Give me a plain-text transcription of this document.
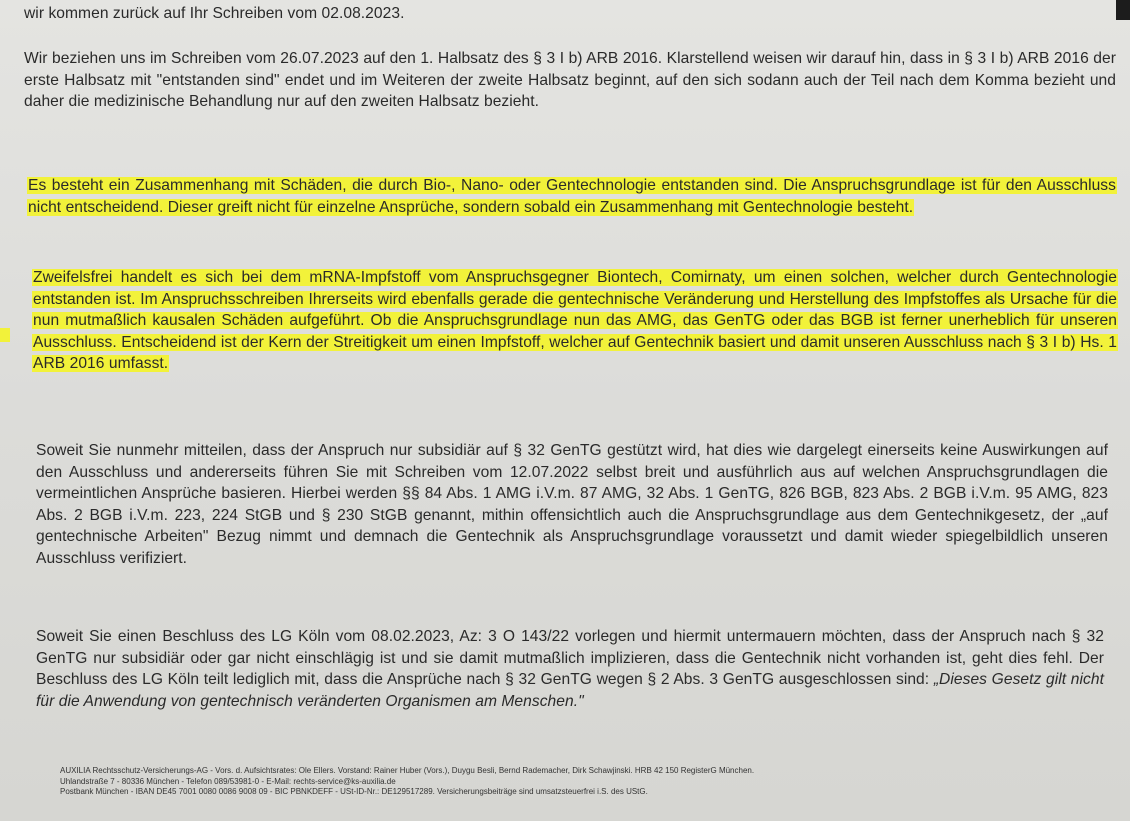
wir kommen zurück auf Ihr Schreiben vom 02.08.2023.
Wir beziehen uns im Schreiben vom 26.07.2023 auf den 1. Halbsatz des § 3 I b) ARB 2016. Klarstellend weisen wir darauf hin, dass in § 3 I b) ARB 2016 der erste Halbsatz mit "entstanden sind" endet und im Weiteren der zweite Halbsatz beginnt, auf den sich sodann auch der Teil nach dem Komma bezieht und daher die medizinische Behandlung nur auf den zweiten Halbsatz bezieht.
Es besteht ein Zusammenhang mit Schäden, die durch Bio-, Nano- oder Gentechnologie entstanden sind. Die Anspruchsgrundlage ist für den Ausschluss nicht entscheidend. Dieser greift nicht für einzelne Ansprüche, sondern sobald ein Zusammenhang mit Gentechnologie besteht.
Zweifelsfrei handelt es sich bei dem mRNA-Impfstoff vom Anspruchsgegner Biontech, Comirnaty, um einen solchen, welcher durch Gentechnologie entstanden ist. Im Anspruchsschreiben Ihrerseits wird ebenfalls gerade die gentechnische Veränderung und Herstellung des Impfstoffes als Ursache für die nun mutmaßlich kausalen Schäden aufgeführt. Ob die Anspruchsgrundlage nun das AMG, das GenTG oder das BGB ist ferner unerheblich für unseren Ausschluss. Entscheidend ist der Kern der Streitigkeit um einen Impfstoff, welcher auf Gentechnik basiert und damit unseren Ausschluss nach § 3 I b) Hs. 1 ARB 2016 umfasst.
Soweit Sie nunmehr mitteilen, dass der Anspruch nur subsidiär auf § 32 GenTG gestützt wird, hat dies wie dargelegt einerseits keine Auswirkungen auf den Ausschluss und andererseits führen Sie mit Schreiben vom 12.07.2022 selbst breit und ausführlich aus auf welchen Anspruchsgrundlagen die vermeintlichen Ansprüche basieren. Hierbei werden §§ 84 Abs. 1 AMG i.V.m. 87 AMG, 32 Abs. 1 GenTG, 826 BGB, 823 Abs. 2 BGB i.V.m. 95 AMG, 823 Abs. 2 BGB i.V.m. 223, 224 StGB und § 230 StGB genannt, mithin offensichtlich auch die Anspruchsgrundlage aus dem Gentechnikgesetz, der „auf gentechnische Arbeiten" Bezug nimmt und demnach die Gentechnik als Anspruchsgrundlage voraussetzt und damit wieder spiegelbildlich unseren Ausschluss verifiziert.
Soweit Sie einen Beschluss des LG Köln vom 08.02.2023, Az: 3 O 143/22 vorlegen und hiermit untermauern möchten, dass der Anspruch nach § 32 GenTG nur subsidiär oder gar nicht einschlägig ist und sie damit mutmaßlich implizieren, dass die Gentechnik nicht vorhanden ist, geht dies fehl. Der Beschluss des LG Köln teilt lediglich mit, dass die Ansprüche nach § 32 GenTG wegen § 2 Abs. 3 GenTG ausgeschlossen sind: „Dieses Gesetz gilt nicht für die Anwendung von gentechnisch veränderten Organismen am Menschen."
AUXILIA Rechtsschutz-Versicherungs-AG - Vors. d. Aufsichtsrates: Ole Ellers. Vorstand: Rainer Huber (Vors.), Duygu Besli, Bernd Rademacher, Dirk Schawjinski. HRB 42 150 RegisterG München.
Uhlandstraße 7 - 80336 München - Telefon 089/53981-0 - E-Mail: rechts-service@ks-auxilia.de
Postbank München - IBAN DE45 7001 0080 0086 9008 09 - BIC PBNKDEFF - USt-ID-Nr.: DE129517289. Versicherungsbeiträge sind umsatzsteuerfrei i.S. des UStG.
